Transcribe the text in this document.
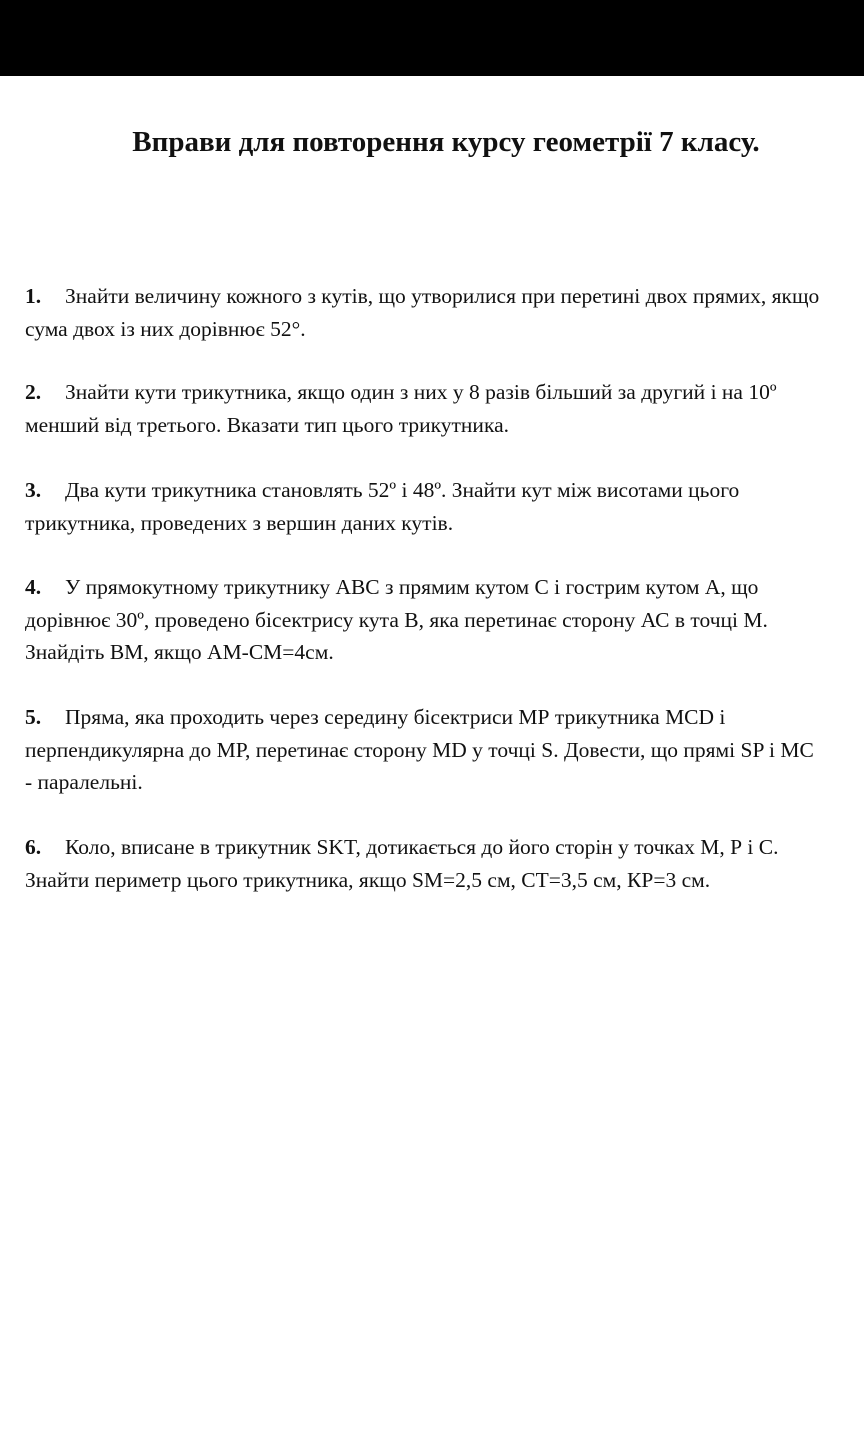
Вправи для повторення курсу геометрії 7 класу.

1. Знайти величину кожного з кутів, що утворилися при перетині двох прямих, якщо сума двох із них дорівнює 52°.

2. Знайти кути трикутника, якщо один з них у 8 разів більший за другий і на 10º менший від третього. Вказати тип цього трикутника.

3. Два кути трикутника становлять 52º і 48º. Знайти кут між висотами цього трикутника, проведених з вершин даних кутів.

4. У прямокутному трикутнику АВС з прямим кутом С і гострим кутом А, що дорівнює 30º, проведено бісектрису кута В, яка перетинає сторону АС в точці М. Знайдіть ВМ, якщо АМ-СМ=4см.

5. Пряма, яка проходить через середину бісектриси МР трикутника МСD і перпендикулярна до МР, перетинає сторону МD у точці S. Довести, що прямі SP і МС - паралельні.

6. Коло, вписане в трикутник SKT, дотикається до його сторін у точках М, Р і С. Знайти периметр цього трикутника, якщо SM=2,5 см, CT=3,5 см, КР=3 см.
